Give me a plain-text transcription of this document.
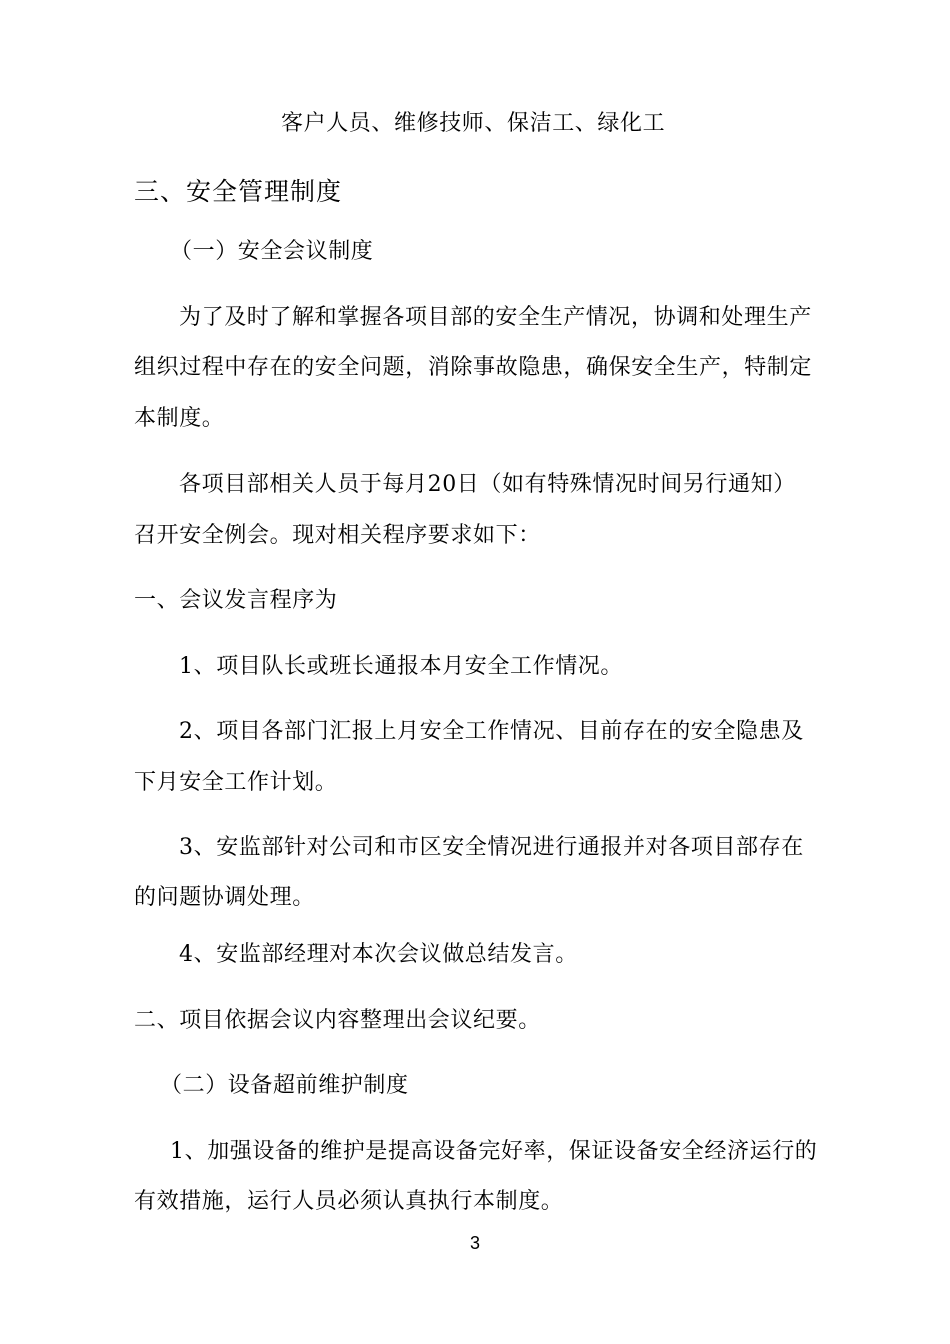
客户人员、维修技师、保洁工、绿化工
三、安全管理制度
（一）安全会议制度
为了及时了解和掌握各项目部的安全生产情况，协调和处理生产
组织过程中存在的安全问题，消除事故隐患，确保安全生产，特制定
本制度。
各项目部相关人员于每月20日（如有特殊情况时间另行通知）
召开安全例会。现对相关程序要求如下：
一、会议发言程序为
1、项目队长或班长通报本月安全工作情况。
2、项目各部门汇报上月安全工作情况、目前存在的安全隐患及
下月安全工作计划。
3、安监部针对公司和市区安全情况进行通报并对各项目部存在
的问题协调处理。
4、安监部经理对本次会议做总结发言。
二、项目依据会议内容整理出会议纪要。
（二）设备超前维护制度
1、加强设备的维护是提高设备完好率，保证设备安全经济运行的
有效措施，运行人员必须认真执行本制度。
3
